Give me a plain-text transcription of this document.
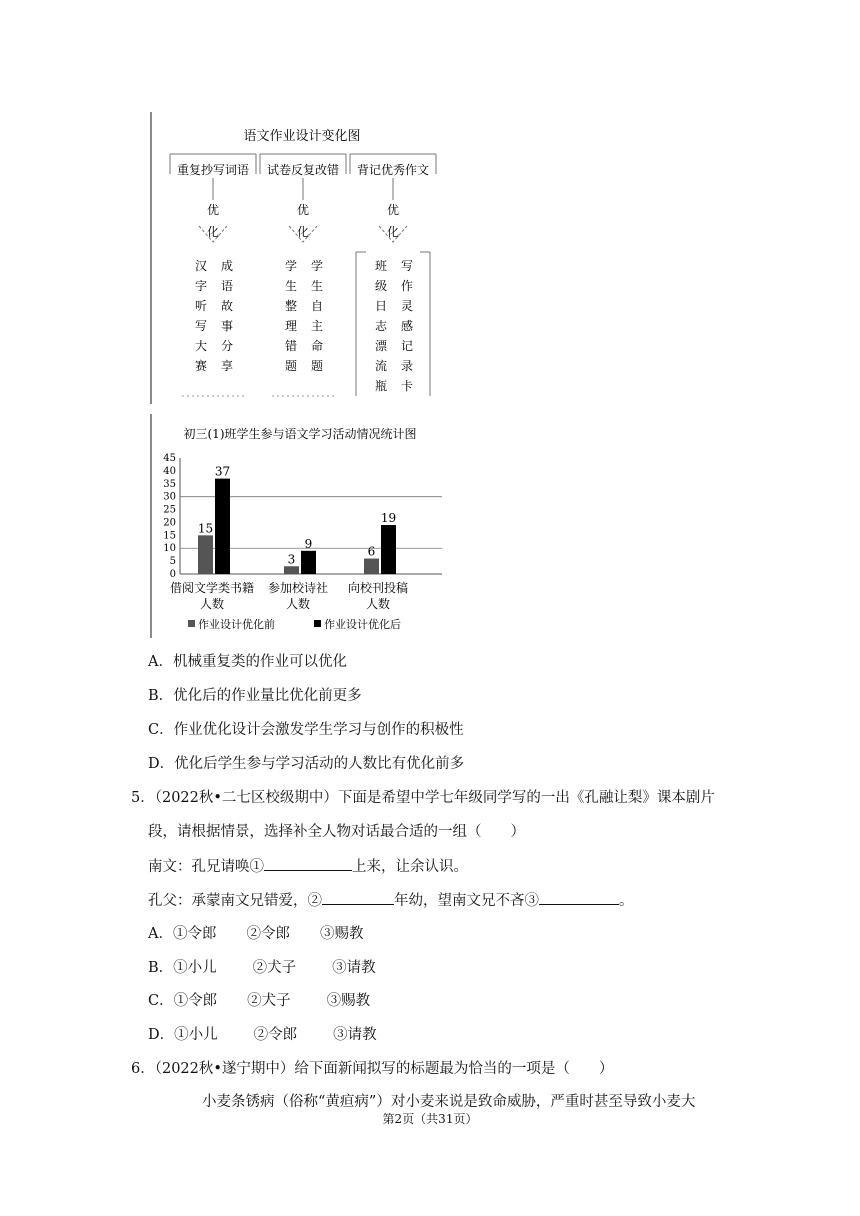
语文作业设计变化图
重复抄写词语
优
化
汉
字
听
写
大
赛
成
语
故
事
分
享
试卷反复改错
优
化
学
生
整
理
错
题
学
生
自
主
命
题
背记优秀作文
优
化
班
级
日
志
漂
流
瓶
写
作
灵
感
记
录
卡
初三(1)班学生参与语文学习活动情况统计图
0
5
10
15
20
25
30
35
40
45
15
37
借阅文学类书籍
人数
3
9
参加校诗社
人数
6
19
向校刊投稿
人数
作业设计优化前	作业设计优化后
A．机械重复类的作业可以优化
B．优化后的作业量比优化前更多
C．作业优化设计会激发学生学习与创作的积极性
D．优化后学生参与学习活动的人数比有优化前多
5．（2022秋•二七区校级期中）下面是希望中学七年级同学写的一出《孔融让梨》课本剧片
段，请根据情景，选择补全人物对话最合适的一组（　　）
南文：孔兄请唤①	上来，让余认识。
孔父：承蒙南文兄错爱，②	年幼，望南文兄不吝③	。
A．①令郎 ②令郎 ③赐教
B．①小儿 ②犬子 ③请教
C．①令郎 ②犬子 ③赐教
D．①小儿 ②令郎 ③请教
6．（2022秋•遂宁期中）给下面新闻拟写的标题最为恰当的一项是（　　）
小麦条锈病（俗称“黄疸病”）对小麦来说是致命威胁，严重时甚至导致小麦大
第2页（共31页）
